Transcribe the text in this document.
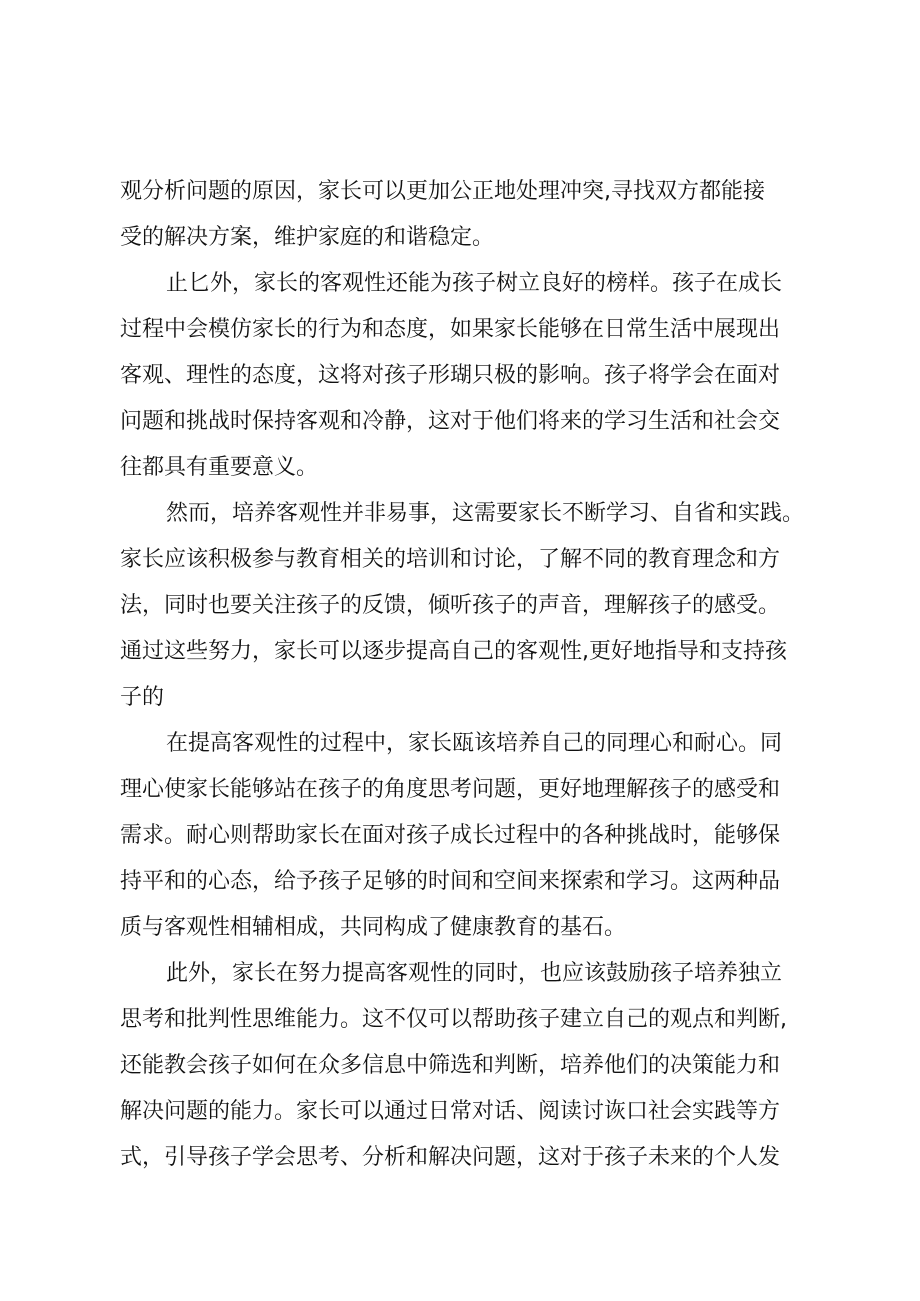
观分析问题的原因，家长可以更加公正地处理冲突,寻找双方都能接
受的解决方案，维护家庭的和谐稳定。
止匕外，家长的客观性还能为孩子树立良好的榜样。孩子在成长
过程中会模仿家长的行为和态度，如果家长能够在日常生活中展现出
客观、理性的态度，这将对孩子形瑚只极的影响。孩子将学会在面对
问题和挑战时保持客观和冷静，这对于他们将来的学习生活和社会交
往都具有重要意义。
然而，培养客观性并非易事，这需要家长不断学习、自省和实践。
家长应该积极参与教育相关的培训和讨论，了解不同的教育理念和方
法，同时也要关注孩子的反馈，倾听孩子的声音，理解孩子的感受。
通过这些努力，家长可以逐步提高自己的客观性,更好地指导和支持孩
子的
在提高客观性的过程中，家长瓯该培养自己的同理心和耐心。同
理心使家长能够站在孩子的角度思考问题，更好地理解孩子的感受和
需求。耐心则帮助家长在面对孩子成长过程中的各种挑战时，能够保
持平和的心态，给予孩子足够的时间和空间来探索和学习。这两种品
质与客观性相辅相成，共同构成了健康教育的基石。
此外，家长在努力提高客观性的同时，也应该鼓励孩子培养独立
思考和批判性思维能力。这不仅可以帮助孩子建立自己的观点和判断,
还能教会孩子如何在众多信息中筛选和判断，培养他们的决策能力和
解决问题的能力。家长可以通过日常对话、阅读讨诙口社会实践等方
式，引导孩子学会思考、分析和解决问题，这对于孩子未来的个人发
